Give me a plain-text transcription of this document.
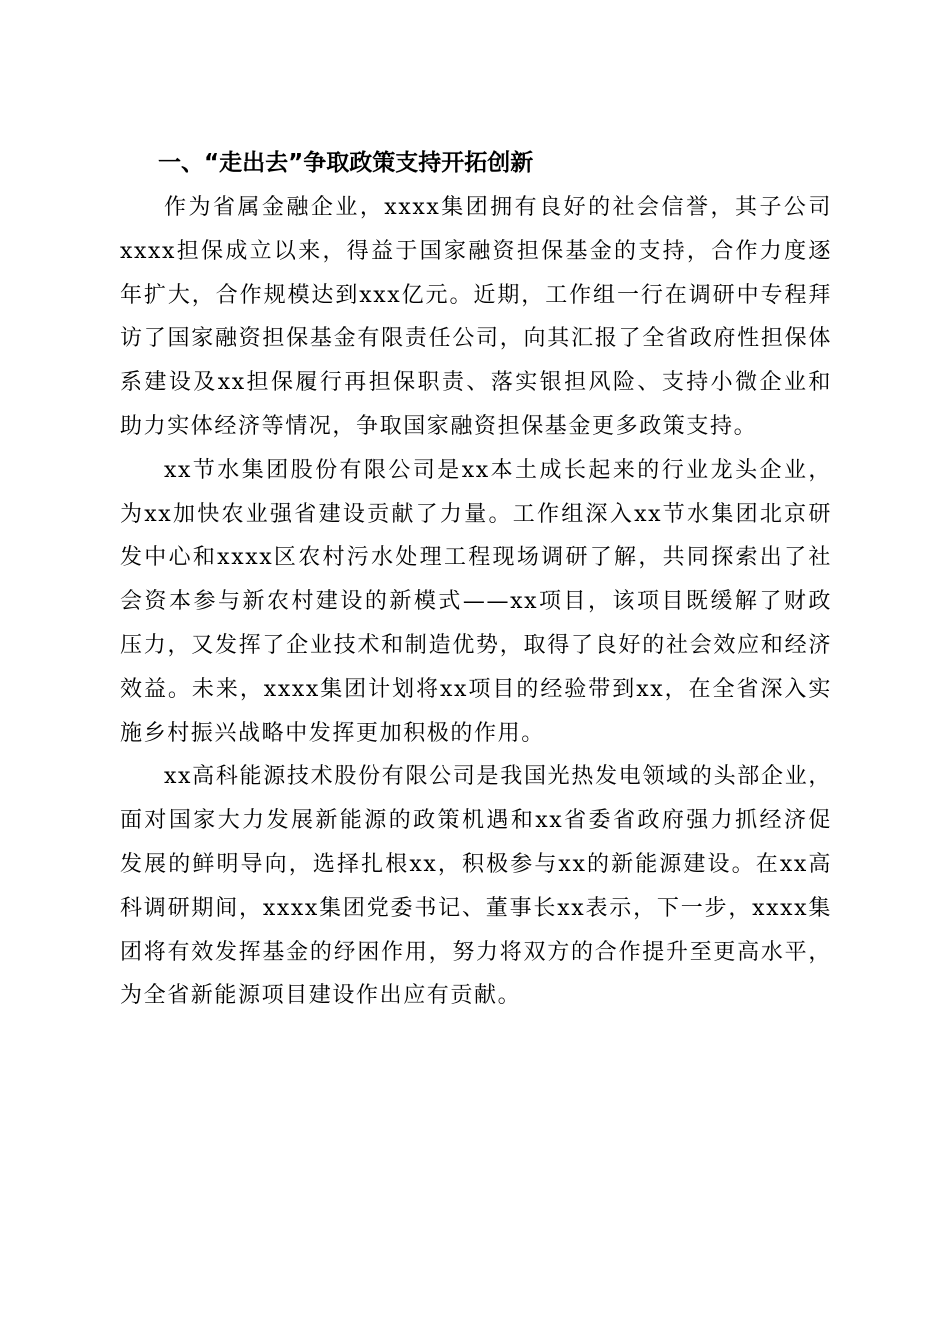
一、“走出去”争取政策支持开拓创新

作为省属金融企业，xxxx集团拥有良好的社会信誉，其子公司xxxx担保成立以来，得益于国家融资担保基金的支持，合作力度逐年扩大，合作规模达到xxx亿元。近期，工作组一行在调研中专程拜访了国家融资担保基金有限责任公司，向其汇报了全省政府性担保体系建设及xx担保履行再担保职责、落实银担风险、支持小微企业和助力实体经济等情况，争取国家融资担保基金更多政策支持。

xx节水集团股份有限公司是xx本土成长起来的行业龙头企业，为xx加快农业强省建设贡献了力量。工作组深入xx节水集团北京研发中心和xxxx区农村污水处理工程现场调研了解，共同探索出了社会资本参与新农村建设的新模式——xx项目，该项目既缓解了财政压力，又发挥了企业技术和制造优势，取得了良好的社会效应和经济效益。未来，xxxx集团计划将xx项目的经验带到xx，在全省深入实施乡村振兴战略中发挥更加积极的作用。

xx高科能源技术股份有限公司是我国光热发电领域的头部企业，面对国家大力发展新能源的政策机遇和xx省委省政府强力抓经济促发展的鲜明导向，选择扎根xx，积极参与xx的新能源建设。在xx高科调研期间，xxxx集团党委书记、董事长xx表示，下一步，xxxx集团将有效发挥基金的纾困作用，努力将双方的合作提升至更高水平，为全省新能源项目建设作出应有贡献。
